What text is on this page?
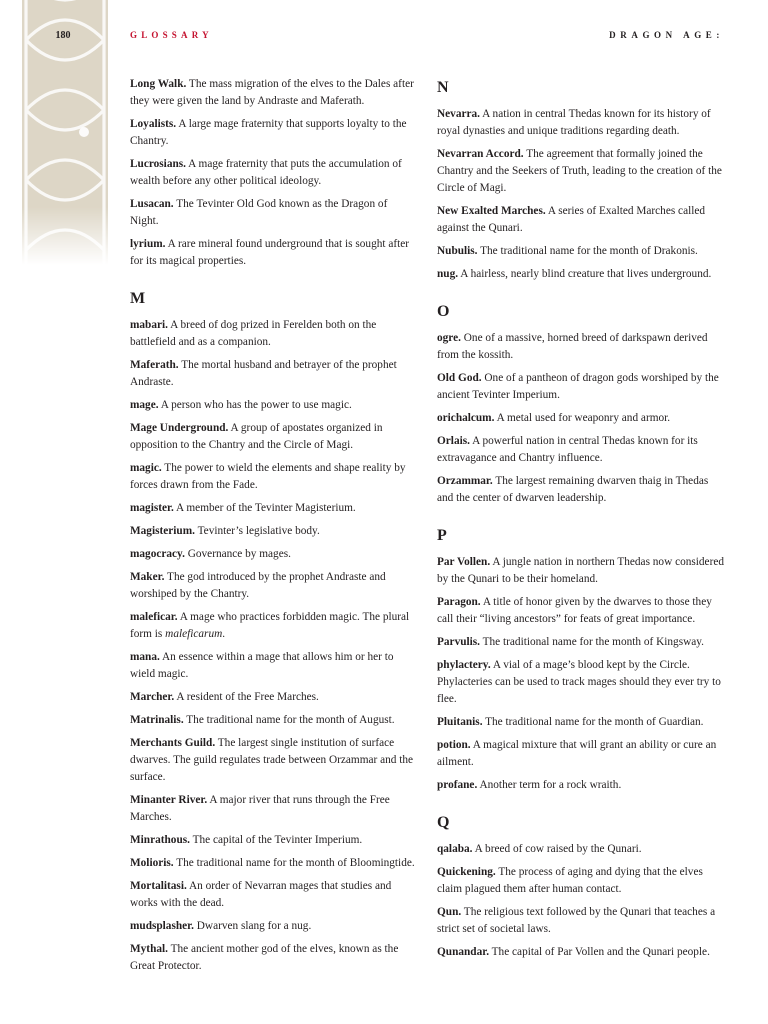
180	GLOSSARY	DRAGON AGE:

Long Walk. The mass migration of the elves to the Dales after they were given the land by Andraste and Maferath.

Loyalists. A large mage fraternity that supports loyalty to the Chantry.

Lucrosians. A mage fraternity that puts the accumulation of wealth before any other political ideology.

Lusacan. The Tevinter Old God known as the Dragon of Night.

lyrium. A rare mineral found underground that is sought after for its magical properties.

M

mabari. A breed of dog prized in Ferelden both on the battlefield and as a companion.

Maferath. The mortal husband and betrayer of the prophet Andraste.

mage. A person who has the power to use magic.

Mage Underground. A group of apostates organized in opposition to the Chantry and the Circle of Magi.

magic. The power to wield the elements and shape reality by forces drawn from the Fade.

magister. A member of the Tevinter Magisterium.

Magisterium. Tevinter’s legislative body.

magocracy. Governance by mages.

Maker. The god introduced by the prophet Andraste and worshiped by the Chantry.

maleficar. A mage who practices forbidden magic. The plural form is maleficarum.

mana. An essence within a mage that allows him or her to wield magic.

Marcher. A resident of the Free Marches.

Matrinalis. The traditional name for the month of August.

Merchants Guild. The largest single institution of surface dwarves. The guild regulates trade between Orzammar and the surface.

Minanter River. A major river that runs through the Free Marches.

Minrathous. The capital of the Tevinter Imperium.

Molioris. The traditional name for the month of Bloomingtide.

Mortalitasi. An order of Nevarran mages that studies and works with the dead.

mudsplasher. Dwarven slang for a nug.

Mythal. The ancient mother god of the elves, known as the Great Protector.

N

Nevarra. A nation in central Thedas known for its history of royal dynasties and unique traditions regarding death.

Nevarran Accord. The agreement that formally joined the Chantry and the Seekers of Truth, leading to the creation of the Circle of Magi.

New Exalted Marches. A series of Exalted Marches called against the Qunari.

Nubulis. The traditional name for the month of Drakonis.

nug. A hairless, nearly blind creature that lives underground.

O

ogre. One of a massive, horned breed of darkspawn derived from the kossith.

Old God. One of a pantheon of dragon gods worshiped by the ancient Tevinter Imperium.

orichalcum. A metal used for weaponry and armor.

Orlais. A powerful nation in central Thedas known for its extravagance and Chantry influence.

Orzammar. The largest remaining dwarven thaig in Thedas and the center of dwarven leadership.

P

Par Vollen. A jungle nation in northern Thedas now considered by the Qunari to be their homeland.

Paragon. A title of honor given by the dwarves to those they call their “living ancestors” for feats of great importance.

Parvulis. The traditional name for the month of Kingsway.

phylactery. A vial of a mage’s blood kept by the Circle. Phylacteries can be used to track mages should they ever try to flee.

Pluitanis. The traditional name for the month of Guardian.

potion. A magical mixture that will grant an ability or cure an ailment.

profane. Another term for a rock wraith.

Q

qalaba. A breed of cow raised by the Qunari.

Quickening. The process of aging and dying that the elves claim plagued them after human contact.

Qun. The religious text followed by the Qunari that teaches a strict set of societal laws.

Qunandar. The capital of Par Vollen and the Qunari people.
